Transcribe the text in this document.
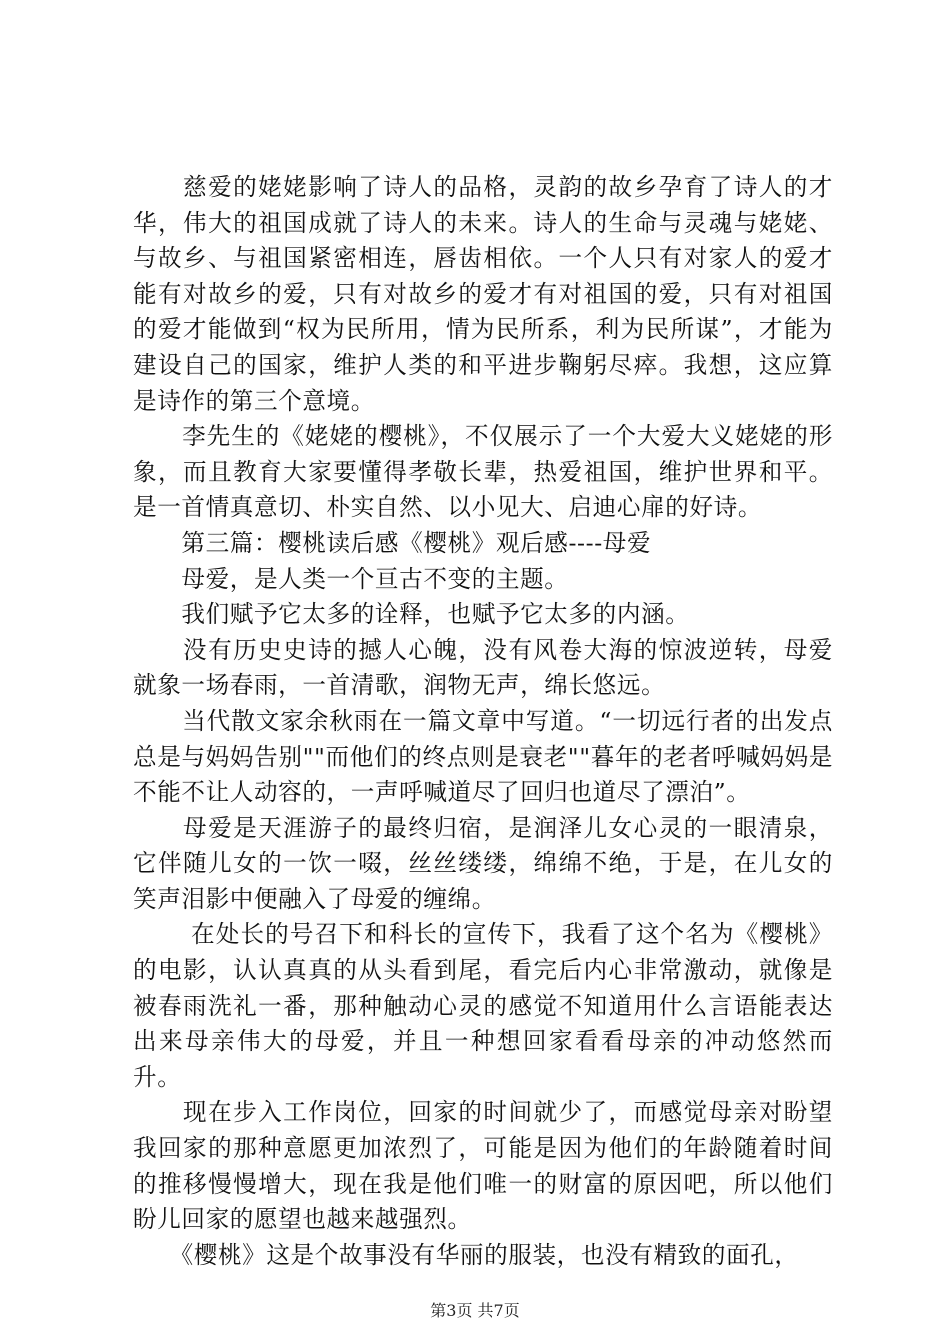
　　慈爱的姥姥影响了诗人的品格，灵韵的故乡孕育了诗人的才华，伟大的祖国成就了诗人的未来。诗人的生命与灵魂与姥姥、与故乡、与祖国紧密相连，唇齿相依。一个人只有对家人的爱才能有对故乡的爱，只有对故乡的爱才有对祖国的爱，只有对祖国的爱才能做到“权为民所用，情为民所系，利为民所谋”，才能为建设自己的国家，维护人类的和平进步鞠躬尽瘁。我想，这应算是诗作的第三个意境。

　　李先生的《姥姥的樱桃》，不仅展示了一个大爱大义姥姥的形象，而且教育大家要懂得孝敬长辈，热爱祖国，维护世界和平。是一首情真意切、朴实自然、以小见大、启迪心扉的好诗。

　　第三篇：樱桃读后感《樱桃》观后感----母爱

　　母爱，是人类一个亘古不变的主题。

　　我们赋予它太多的诠释，也赋予它太多的内涵。

　　没有历史史诗的撼人心魄，没有风卷大海的惊波逆转，母爱就象一场春雨，一首清歌，润物无声，绵长悠远。

　　当代散文家余秋雨在一篇文章中写道。“一切远行者的出发点总是与妈妈告别""而他们的终点则是衰老""暮年的老者呼喊妈妈是不能不让人动容的，一声呼喊道尽了回归也道尽了漂泊”。

　　母爱是天涯游子的最终归宿，是润泽儿女心灵的一眼清泉，它伴随儿女的一饮一啜，丝丝缕缕，绵绵不绝，于是，在儿女的笑声泪影中便融入了母爱的缠绵。

　　 在处长的号召下和科长的宣传下，我看了这个名为《樱桃》的电影，认认真真的从头看到尾，看完后内心非常激动，就像是被春雨洗礼一番，那种触动心灵的感觉不知道用什么言语能表达出来母亲伟大的母爱，并且一种想回家看看母亲的冲动悠然而升。

　　现在步入工作岗位，回家的时间就少了，而感觉母亲对盼望我回家的那种意愿更加浓烈了，可能是因为他们的年龄随着时间的推移慢慢增大，现在我是他们唯一的财富的原因吧，所以他们盼儿回家的愿望也越来越强烈。

　　《樱桃》这是个故事没有华丽的服装，也没有精致的面孔，

第3页 共7页
